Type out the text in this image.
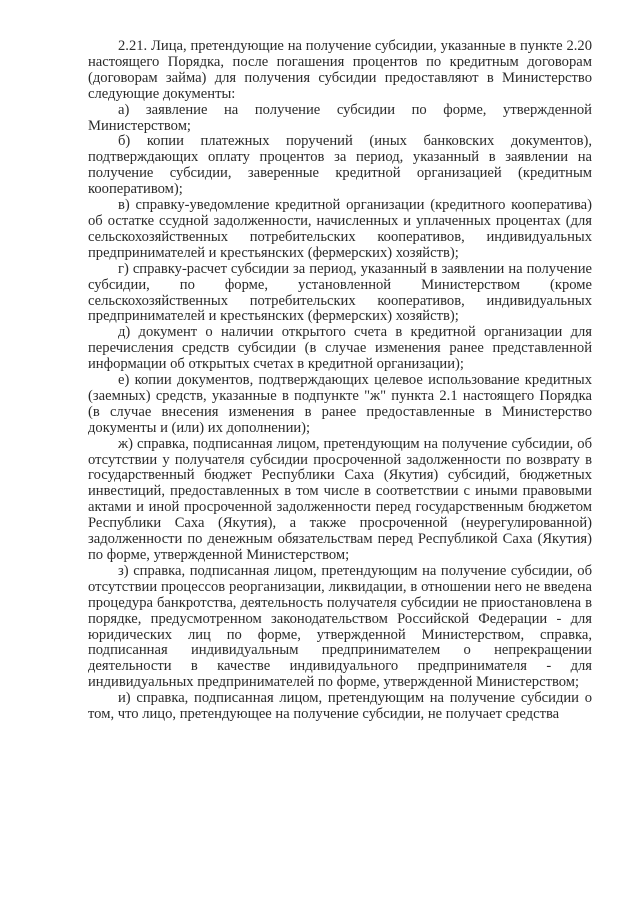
2.21. Лица, претендующие на получение субсидии, указанные в пункте 2.20 настоящего Порядка, после погашения процентов по кредитным договорам (договорам займа) для получения субсидии предоставляют в Министерство следующие документы:

а) заявление на получение субсидии по форме, утвержденной Министерством;

б) копии платежных поручений (иных банковских документов), подтверждающих оплату процентов за период, указанный в заявлении на получение субсидии, заверенные кредитной организацией (кредитным кооперативом);

в) справку-уведомление кредитной организации (кредитного кооператива) об остатке ссудной задолженности, начисленных и уплаченных процентах (для сельскохозяйственных потребительских кооперативов, индивидуальных предпринимателей и крестьянских (фермерских) хозяйств);

г) справку-расчет субсидии за период, указанный в заявлении на получение субсидии, по форме, установленной Министерством (кроме сельскохозяйственных потребительских кооперативов, индивидуальных предпринимателей и крестьянских (фермерских) хозяйств);

д) документ о наличии открытого счета в кредитной организации для перечисления средств субсидии (в случае изменения ранее представленной информации об открытых счетах в кредитной организации);

е) копии документов, подтверждающих целевое использование кредитных (заемных) средств, указанные в подпункте "ж" пункта 2.1 настоящего Порядка (в случае внесения изменения в ранее предоставленные в Министерство документы и (или) их дополнении);

ж) справка, подписанная лицом, претендующим на получение субсидии, об отсутствии у получателя субсидии просроченной задолженности по возврату в государственный бюджет Республики Саха (Якутия) субсидий, бюджетных инвестиций, предоставленных в том числе в соответствии с иными правовыми актами и иной просроченной задолженности перед государственным бюджетом Республики Саха (Якутия), а также просроченной (неурегулированной) задолженности по денежным обязательствам перед Республикой Саха (Якутия) по форме, утвержденной Министерством;

з) справка, подписанная лицом, претендующим на получение субсидии, об отсутствии процессов реорганизации, ликвидации, в отношении него не введена процедура банкротства, деятельность получателя субсидии не приостановлена в порядке, предусмотренном законодательством Российской Федерации - для юридических лиц по форме, утвержденной Министерством, справка, подписанная индивидуальным предпринимателем о непрекращении деятельности в качестве индивидуального предпринимателя - для индивидуальных предпринимателей по форме, утвержденной Министерством;

и) справка, подписанная лицом, претендующим на получение субсидии о том, что лицо, претендующее на получение субсидии, не получает средства
